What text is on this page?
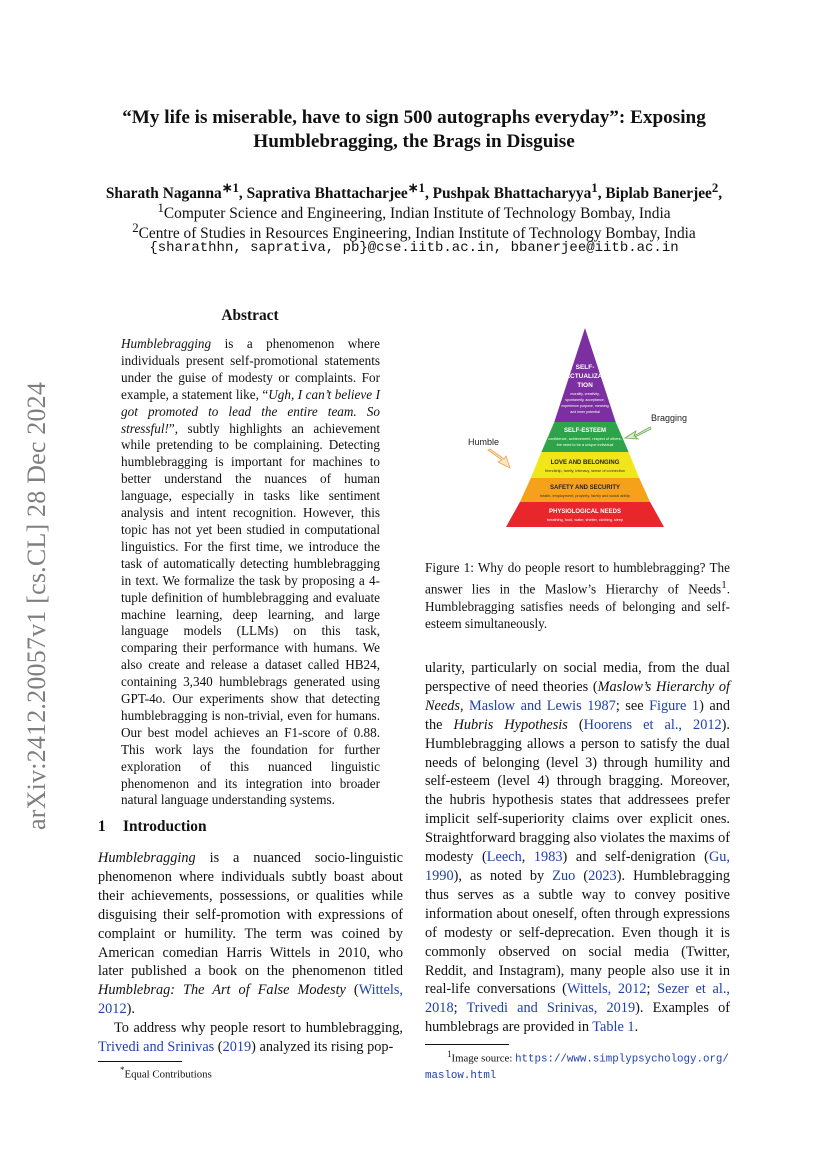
arXiv:2412.20057v1 [cs.CL] 28 Dec 2024
“My life is miserable, have to sign 500 autographs everyday”: Exposing
Humblebragging, the Brags in Disguise
Sharath Naganna$^{∗1}$, Saprativa Bhattacharjee$^{∗1}$, Pushpak Bhattacharyya$^1$, Biplab Banerjee$^2$,
$^1$Computer Science and Engineering, Indian Institute of Technology Bombay, India
$^2$Centre of Studies in Resources Engineering, Indian Institute of Technology Bombay, India
{sharathhn, saprativa, pb}@cse.iitb.ac.in, bbanerjee@iitb.ac.in
Abstract

Humblebragging is a phenomenon where individuals present self-promotional statements under the guise of modesty or complaints. For example, a statement like, “Ugh, I can’t believe I got promoted to lead the entire team. So stressful!”, subtly highlights an achievement while pretending to be complaining. Detecting humblebragging is important for machines to better understand the nuances of human language, especially in tasks like sentiment analysis and intent recognition. However, this topic has not yet been studied in computational linguistics. For the first time, we introduce the task of automatically detecting humblebragging in text. We formalize the task by proposing a 4-tuple definition of humblebragging and evaluate machine learning, deep learning, and large language models (LLMs) on this task, comparing their performance with humans. We also create and release a dataset called HB24, containing 3,340 humblebrags generated using GPT-4o. Our experiments show that detecting humblebragging is non-trivial, even for humans. Our best model achieves an F1-score of 0.88. This work lays the foundation for further exploration of this nuanced linguistic phenomenon and its integration into broader natural language understanding systems.

1 Introduction

Humblebragging is a nuanced socio-linguistic phenomenon where individuals subtly boast about their achievements, possessions, or qualities while disguising their self-promotion with expressions of complaint or humility. The term was coined by American comedian Harris Wittels in 2010, who later published a book on the phenomenon titled Humblebrag: The Art of False Modesty (Wittels, 2012).

To address why people resort to humblebragging, Trivedi and Srinivas (2019) analyzed its rising pop-

*Equal Contributions
SELF-
ACTUALIZA-
TION
morality, creativity,
spontaneity, acceptance,
experience purpose, meaning
and inner potential
SELF-ESTEEM
confidence, achievement, respect of others,
the need to be a unique individual
LOVE AND BELONGING
friendship, family, intimacy, sense of connection
SAFETY AND SECURITY
health, employment, property, family and social ability
PHYSIOLOGICAL NEEDS
breathing, food, water, shelter, clothing, sleep
Bragging
Humble

Figure 1: Why do people resort to humblebragging? The answer lies in the Maslow’s Hierarchy of Needs$^1$. Humblebragging satisfies needs of belonging and self-esteem simultaneously.

ularity, particularly on social media, from the dual perspective of need theories (Maslow’s Hierarchy of Needs, Maslow and Lewis 1987; see Figure 1) and the Hubris Hypothesis (Hoorens et al., 2012). Humblebragging allows a person to satisfy the dual needs of belonging (level 3) through humility and self-esteem (level 4) through bragging. Moreover, the hubris hypothesis states that addressees prefer implicit self-superiority claims over explicit ones. Straightforward bragging also violates the maxims of modesty (Leech, 1983) and self-denigration (Gu, 1990), as noted by Zuo (2023). Humblebragging thus serves as a subtle way to convey positive information about oneself, often through expressions of modesty or self-deprecation. Even though it is commonly observed on social media (Twitter, Reddit, and Instagram), many people also use it in real-life conversations (Wittels, 2012; Sezer et al., 2018; Trivedi and Srinivas, 2019). Examples of humblebrags are provided in Table 1.

$^1$Image source: https://www.simplypsychology.org/
maslow.html
